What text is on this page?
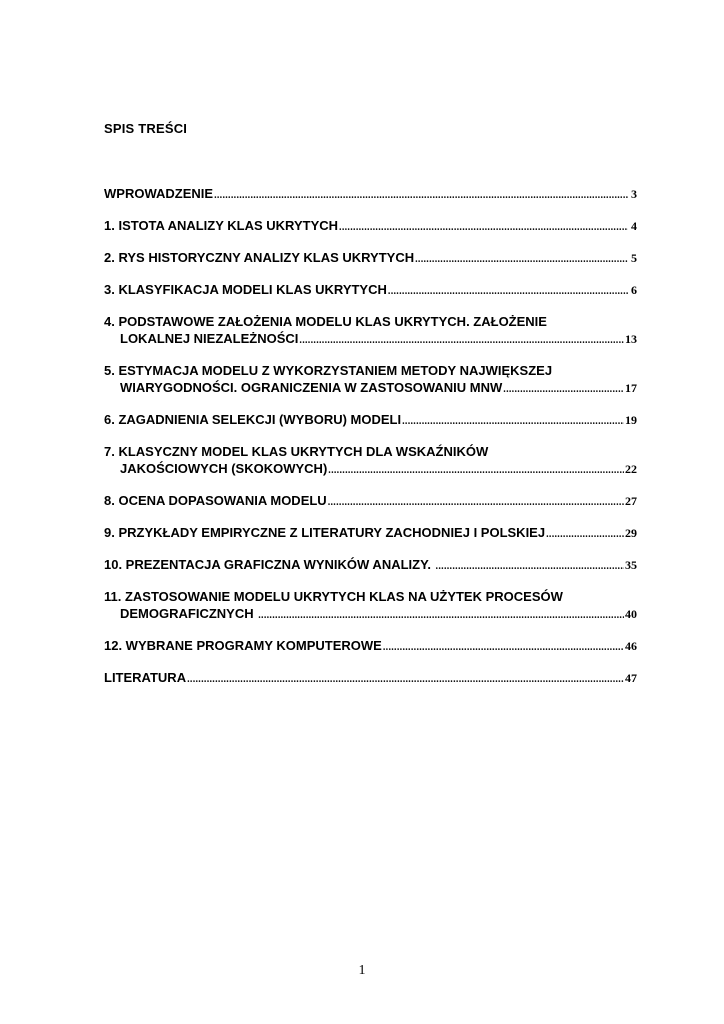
SPIS TREŚCI
WPROWADZENIE .....	3
1. ISTOTA ANALIZY KLAS UKRYTYCH .....	4
2. RYS HISTORYCZNY ANALIZY KLAS UKRYTYCH .....	5
3. KLASYFIKACJA MODELI KLAS UKRYTYCH .....	6
4. PODSTAWOWE ZAŁOŻENIA MODELU KLAS UKRYTYCH. ZAŁOŻENIE
LOKALNEJ NIEZALEŻNOŚCI .....	13
5. ESTYMACJA MODELU Z WYKORZYSTANIEM METODY NAJWIĘKSZEJ
WIARYGODNOŚCI. OGRANICZENIA W ZASTOSOWANIU MNW .....	17
6. ZAGADNIENIA SELEKCJI (WYBORU) MODELI .....	19
7. KLASYCZNY MODEL KLAS UKRYTYCH DLA WSKAŹNIKÓW
JAKOŚCIOWYCH (SKOKOWYCH) .....	22
8. OCENA DOPASOWANIA MODELU .....	27
9. PRZYKŁADY EMPIRYCZNE Z LITERATURY ZACHODNIEJ I POLSKIEJ .....	29
10. PREZENTACJA GRAFICZNA WYNIKÓW ANALIZY. .....	35
11. ZASTOSOWANIE MODELU UKRYTYCH KLAS NA UŻYTEK PROCESÓW
DEMOGRAFICZNYCH .....	40
12. WYBRANE PROGRAMY KOMPUTEROWE .....	46
LITERATURA .....	47
1
